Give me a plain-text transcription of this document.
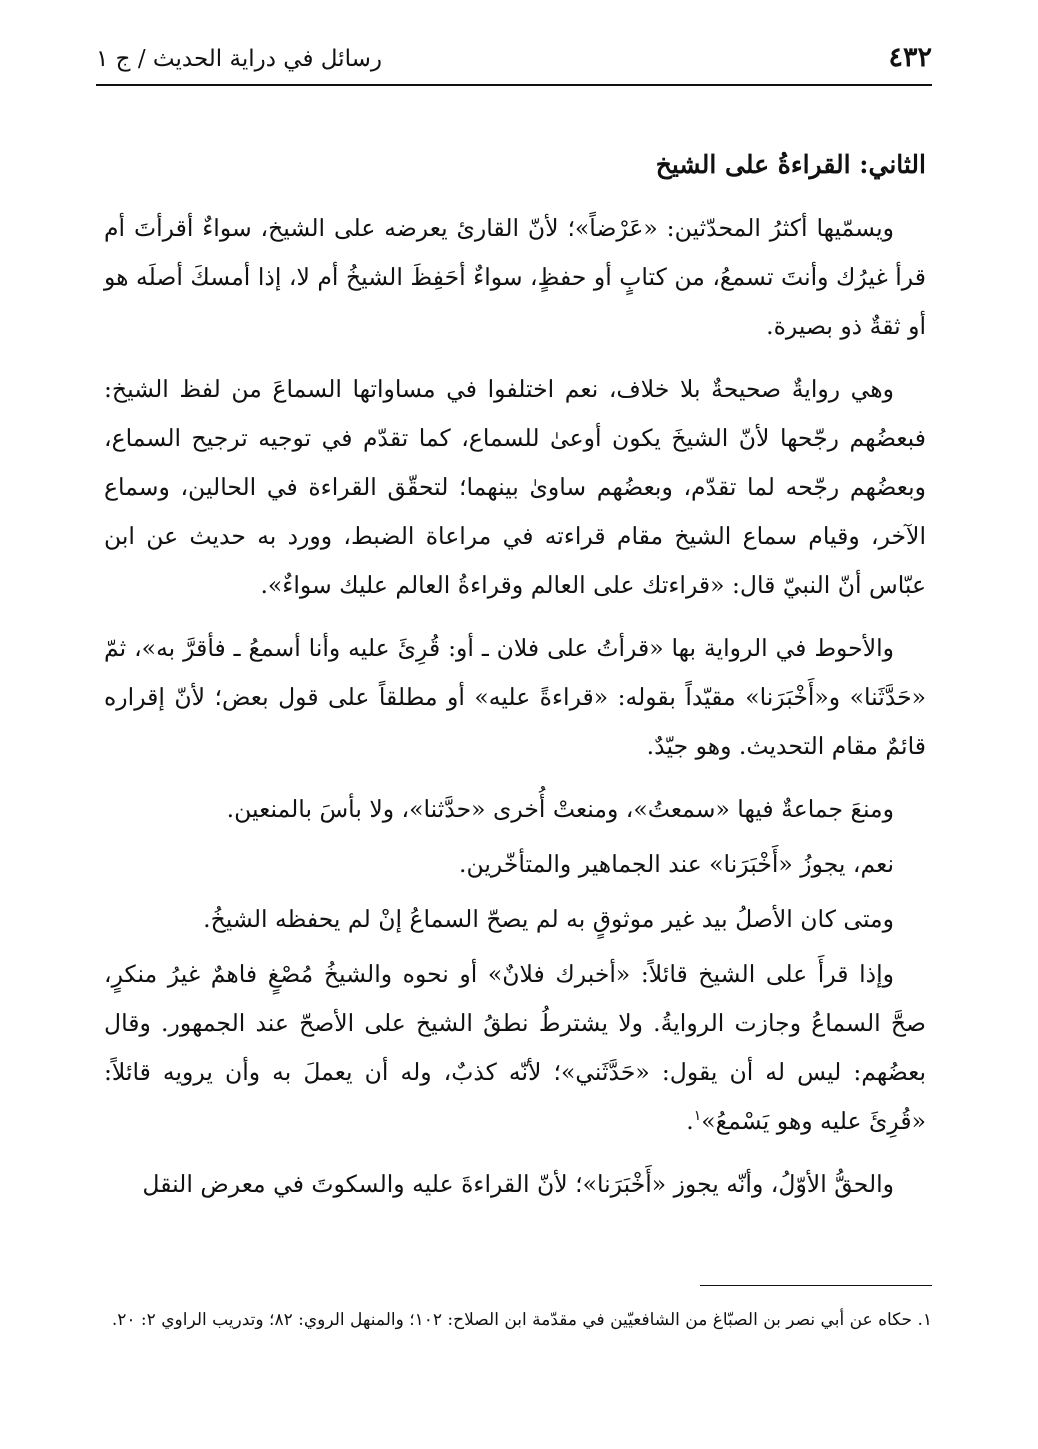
٤٣٢
رسائل في دراية الحديث / ج ١

الثاني: القراءةُ على الشيخ

ويسمّيها أكثرُ المحدّثين: «عَرْضاً»؛ لأنّ القارئ يعرضه على الشيخ، سواءٌ أقرأتَ أم قرأ غيرُك وأنتَ تسمعُ، من كتابٍ أو حفظٍ، سواءٌ أحَفِظَ الشيخُ أم لا، إذا أمسكَ أصلَه هو أو ثقةٌ ذو بصيرة.

وهي روايةٌ صحيحةٌ بلا خلاف، نعم اختلفوا في مساواتها السماعَ من لفظ الشيخ: فبعضُهم رجّحها لأنّ الشيخَ يكون أوعىٰ للسماع، كما تقدّم في توجيه ترجيح السماع، وبعضُهم رجّحه لما تقدّم، وبعضُهم ساوىٰ بينهما؛ لتحقّق القراءة في الحالين، وسماع الآخر، وقيام سماع الشيخ مقام قراءته في مراعاة الضبط، وورد به حديث عن ابن عبّاس أنّ النبيّ قال: «قراءتك على العالم وقراءةُ العالم عليك سواءٌ».

والأحوط في الرواية بها «قرأتُ على فلان ـ أو: قُرِئَ عليه وأنا أسمعُ ـ فأقرَّ به»، ثمّ «حَدَّثَنا» و«أَخْبَرَنا» مقيّداً بقوله: «قراءةً عليه» أو مطلقاً على قول بعض؛ لأنّ إقراره قائمٌ مقام التحديث. وهو جيّدٌ.

ومنعَ جماعةٌ فيها «سمعتُ»، ومنعتْ أُخرى «حدَّثنا»، ولا بأسَ بالمنعين.

نعم، يجوزُ «أَخْبَرَنا» عند الجماهير والمتأخّرين.

ومتى كان الأصلُ بيد غير موثوقٍ به لم يصحّ السماعُ إنْ لم يحفظه الشيخُ.

وإذا قرأَ على الشيخ قائلاً: «أخبرك فلانٌ» أو نحوه والشيخُ مُصْغٍ فاهمٌ غيرُ منكرٍ، صحَّ السماعُ وجازت الروايةُ. ولا يشترطُ نطقُ الشيخ على الأصحّ عند الجمهور. وقال بعضُهم: ليس له أن يقول: «حَدَّثَني»؛ لأنّه كذبٌ، وله أن يعملَ به وأن يرويه قائلاً: «قُرِئَ عليه وهو يَسْمعُ»$^١$.

والحقُّ الأوّلُ، وأنّه يجوز «أَخْبَرَنا»؛ لأنّ القراءةَ عليه والسكوتَ في معرض النقل

١. حكاه عن أبي نصر بن الصبّاغ من الشافعيّين في مقدّمة ابن الصلاح: ١٠٢؛ والمنهل الروي: ٨٢؛ وتدريب الراوي ٢: ٢٠.
